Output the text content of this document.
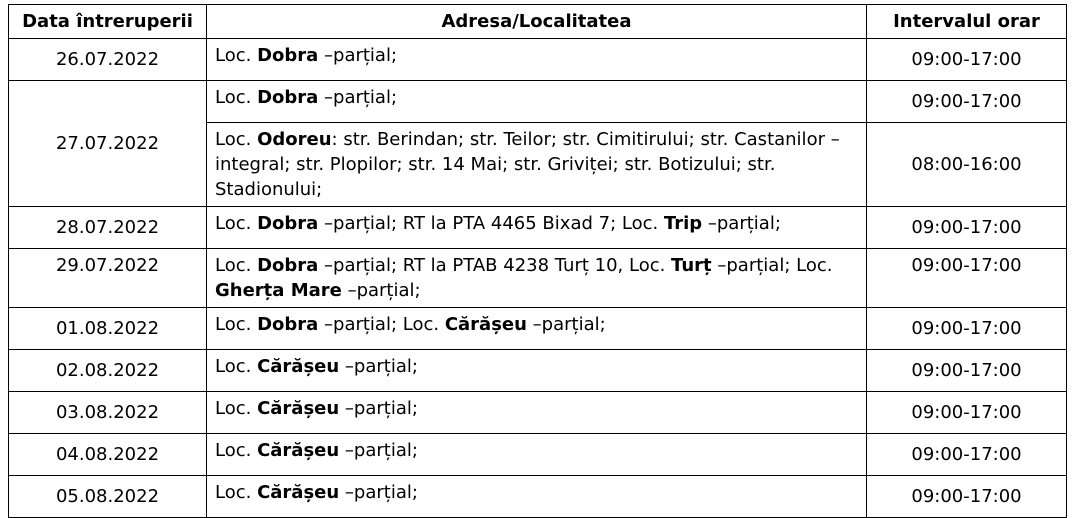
Data întreruperii	Adresa/Localitatea	Intervalul orar
26.07.2022	Loc. Dobra –parțial;	09:00-17:00
27.07.2022	Loc. Dobra –parțial;	09:00-17:00
	Loc. Odoreu: str. Berindan; str. Teilor; str. Cimitirului; str. Castanilor –integral; str. Plopilor; str. 14 Mai; str. Griviței; str. Botizului; str. Stadionului;	08:00-16:00
28.07.2022	Loc. Dobra –parțial; RT la PTA 4465 Bixad 7; Loc. Trip –parțial;	09:00-17:00
29.07.2022	Loc. Dobra –parțial; RT la PTAB 4238 Turț 10, Loc. Turț –parțial; Loc. Gherța Mare –parțial;	09:00-17:00
01.08.2022	Loc. Dobra –parțial; Loc. Cărășeu –parțial;	09:00-17:00
02.08.2022	Loc. Cărășeu –parțial;	09:00-17:00
03.08.2022	Loc. Cărășeu –parțial;	09:00-17:00
04.08.2022	Loc. Cărășeu –parțial;	09:00-17:00
05.08.2022	Loc. Cărășeu –parțial;	09:00-17:00
